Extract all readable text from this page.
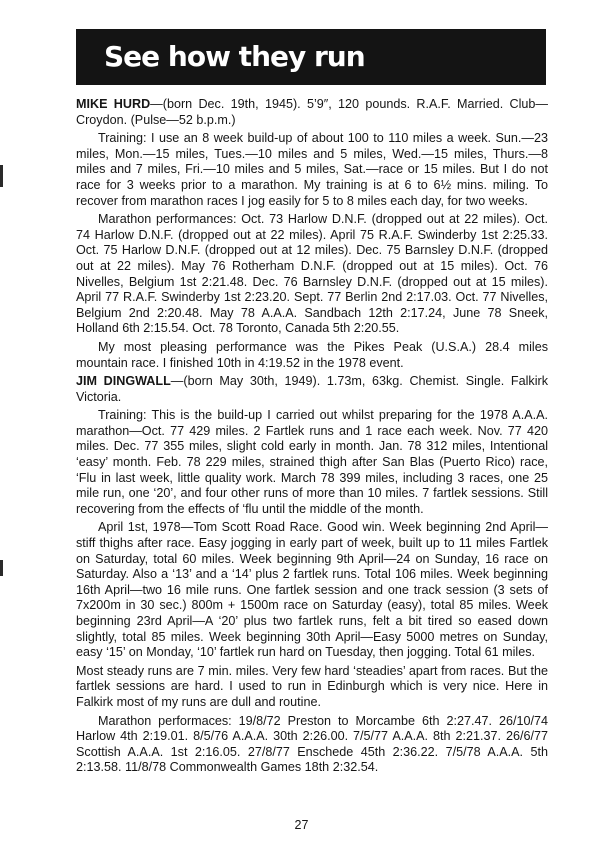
See how they run

MIKE HURD—(born Dec. 19th, 1945). 5’9″, 120 pounds. R.A.F. Married. Club—Croydon. (Pulse—52 b.p.m.)

Training: I use an 8 week build-up of about 100 to 110 miles a week. Sun.—23 miles, Mon.—15 miles, Tues.—10 miles and 5 miles, Wed.—15 miles, Thurs.—8 miles and 7 miles, Fri.—10 miles and 5 miles, Sat.—race or 15 miles. But I do not race for 3 weeks prior to a marathon. My training is at 6 to 6½ mins. miling. To recover from marathon races I jog easily for 5 to 8 miles each day, for two weeks.

Marathon performances: Oct. 73 Harlow D.N.F. (dropped out at 22 miles). Oct. 74 Harlow D.N.F. (dropped out at 22 miles). April 75 R.A.F. Swinderby 1st 2:25.33. Oct. 75 Harlow D.N.F. (dropped out at 12 miles). Dec. 75 Barnsley D.N.F. (dropped out at 22 miles). May 76 Rotherham D.N.F. (dropped out at 15 miles). Oct. 76 Nivelles, Belgium 1st 2:21.48. Dec. 76 Barnsley D.N.F. (dropped out at 15 miles). April 77 R.A.F. Swinderby 1st 2:23.20. Sept. 77 Berlin 2nd 2:17.03. Oct. 77 Nivelles, Belgium 2nd 2:20.48. May 78 A.A.A. Sandbach 12th 2:17.24, June 78 Sneek, Holland 6th 2:15.54. Oct. 78 Toronto, Canada 5th 2:20.55.

My most pleasing performance was the Pikes Peak (U.S.A.) 28.4 miles mountain race. I finished 10th in 4:19.52 in the 1978 event.

JIM DINGWALL—(born May 30th, 1949). 1.73m, 63kg. Chemist. Single. Falkirk Victoria.

Training: This is the build-up I carried out whilst preparing for the 1978 A.A.A. marathon—Oct. 77 429 miles. 2 Fartlek runs and 1 race each week. Nov. 77 420 miles. Dec. 77 355 miles, slight cold early in month. Jan. 78 312 miles, Intentional ‘easy’ month. Feb. 78 229 miles, strained thigh after San Blas (Puerto Rico) race, ‘Flu in last week, little quality work. March 78 399 miles, including 3 races, one 25 mile run, one ‘20’, and four other runs of more than 10 miles. 7 fartlek sessions. Still recovering from the effects of ‘flu until the middle of the month.

April 1st, 1978—Tom Scott Road Race. Good win. Week beginning 2nd April—stiff thighs after race. Easy jogging in early part of week, built up to 11 miles Fartlek on Saturday, total 60 miles. Week beginning 9th April—24 on Sunday, 16 race on Saturday. Also a ‘13’ and a ‘14’ plus 2 fartlek runs. Total 106 miles. Week beginning 16th April—two 16 mile runs. One fartlek session and one track session (3 sets of 7x200m in 30 sec.) 800m + 1500m race on Saturday (easy), total 85 miles. Week beginning 23rd April—A ‘20’ plus two fartlek runs, felt a bit tired so eased down slightly, total 85 miles. Week beginning 30th April—Easy 5000 metres on Sunday, easy ‘15’ on Monday, ‘10’ fartlek run hard on Tuesday, then jogging. Total 61 miles.

Most steady runs are 7 min. miles. Very few hard ‘steadies’ apart from races. But the fartlek sessions are hard. I used to run in Edinburgh which is very nice. Here in Falkirk most of my runs are dull and routine.

Marathon performaces: 19/8/72 Preston to Morcambe 6th 2:27.47. 26/10/74 Harlow 4th 2:19.01. 8/5/76 A.A.A. 30th 2:26.00. 7/5/77 A.A.A. 8th 2:21.37. 26/6/77 Scottish A.A.A. 1st 2:16.05. 27/8/77 Enschede 45th 2:36.22. 7/5/78 A.A.A. 5th 2:13.58. 11/8/78 Commonwealth Games 18th 2:32.54.

27
